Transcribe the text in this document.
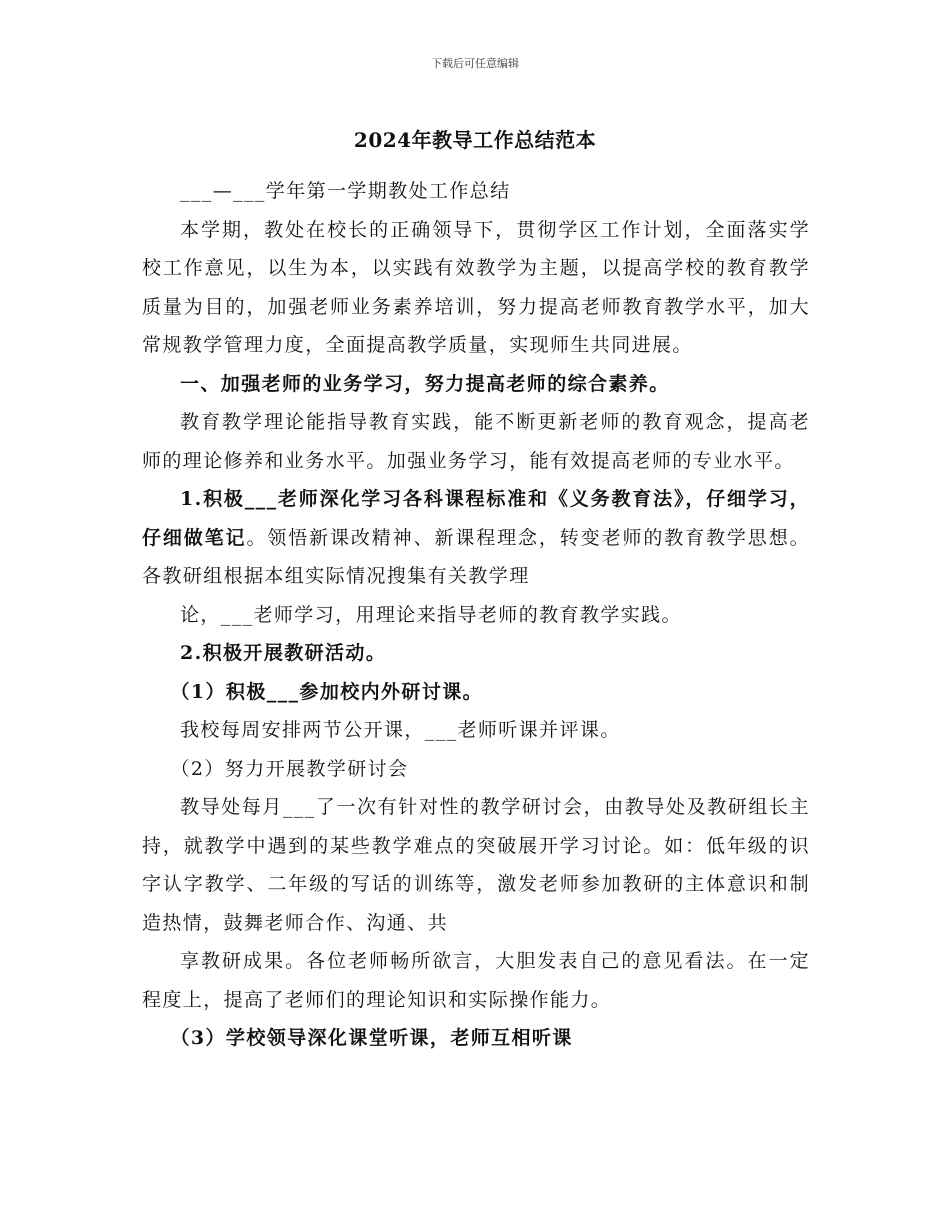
下载后可任意编辑
2024年教导工作总结范本

___—___学年第一学期教处工作总结

本学期，教处在校长的正确领导下，贯彻学区工作计划，全面落实学校工作意见，以生为本，以实践有效教学为主题，以提高学校的教育教学质量为目的，加强老师业务素养培训，努力提高老师教育教学水平，加大常规教学管理力度，全面提高教学质量，实现师生共同进展。

一、加强老师的业务学习，努力提高老师的综合素养。

教育教学理论能指导教育实践，能不断更新老师的教育观念，提高老师的理论修养和业务水平。加强业务学习，能有效提高老师的专业水平。

1.积极___老师深化学习各科课程标准和《义务教育法》，仔细学习，仔细做笔记。领悟新课改精神、新课程理念，转变老师的教育教学思想。各教研组根据本组实际情况搜集有关教学理

论，___老师学习，用理论来指导老师的教育教学实践。

2.积极开展教研活动。

（1）积极___参加校内外研讨课。

我校每周安排两节公开课，___老师听课并评课。

（2）努力开展教学研讨会

教导处每月___了一次有针对性的教学研讨会，由教导处及教研组长主持，就教学中遇到的某些教学难点的突破展开学习讨论。如：低年级的识字认字教学、二年级的写话的训练等，激发老师参加教研的主体意识和制造热情，鼓舞老师合作、沟通、共

享教研成果。各位老师畅所欲言，大胆发表自己的意见看法。在一定程度上，提高了老师们的理论知识和实际操作能力。

（3）学校领导深化课堂听课，老师互相听课
